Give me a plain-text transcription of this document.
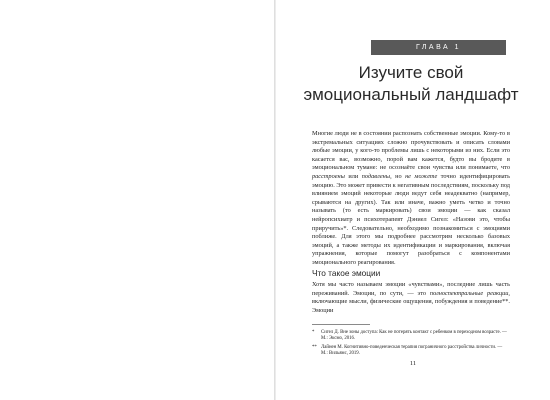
ГЛАВА 1
Изучите свой
эмоциональный ландшафт

Многие люди не в состоянии распознать собственные эмоции. Кому-то в экстремальных ситуациях сложно прочувствовать и описать словами любые эмоции, у кого-то проблемы лишь с некоторыми из них. Если это касается вас, возможно, порой вам кажется, будто вы бродите в эмоциональном тумане: не осознаёте свои чувства или понимаете, что расстроены или подавлены, но не можете точно идентифицировать эмоцию. Это может привести к негативным последствиям, поскольку под влиянием эмоций некоторые люди ведут себя неадекватно (например, срываются на других). Так или иначе, важно уметь четко и точно называть (то есть маркировать) свои эмоции — как сказал нейропсихиатр и психотерапевт Дэниел Сигел: «Назови это, чтобы приручить»*. Следовательно, необходимо познакомиться с эмоциями поближе. Для этого мы подробнее рассмотрим несколько базовых эмоций, а также методы их идентификации и маркирования, включая упражнения, которые помогут разобраться с компонентами эмоционального реагирования.

Что такое эмоции

Хотя мы часто называем эмоции «чувствами», последние лишь часть переживаний. Эмоции, по сути, — это полноспектральные реакции, включающие мысли, физические ощущения, побуждения и поведение**. Эмоции

* Сигел Д. Вне зоны доступа: Как не потерять контакт с ребенком в переходном возрасте. — М.: Эксмо, 2016.
** Лайнен М. Когнитивно-поведенческая терапия пограничного расстройства личности. — М.: Вильямс, 2019.
11
